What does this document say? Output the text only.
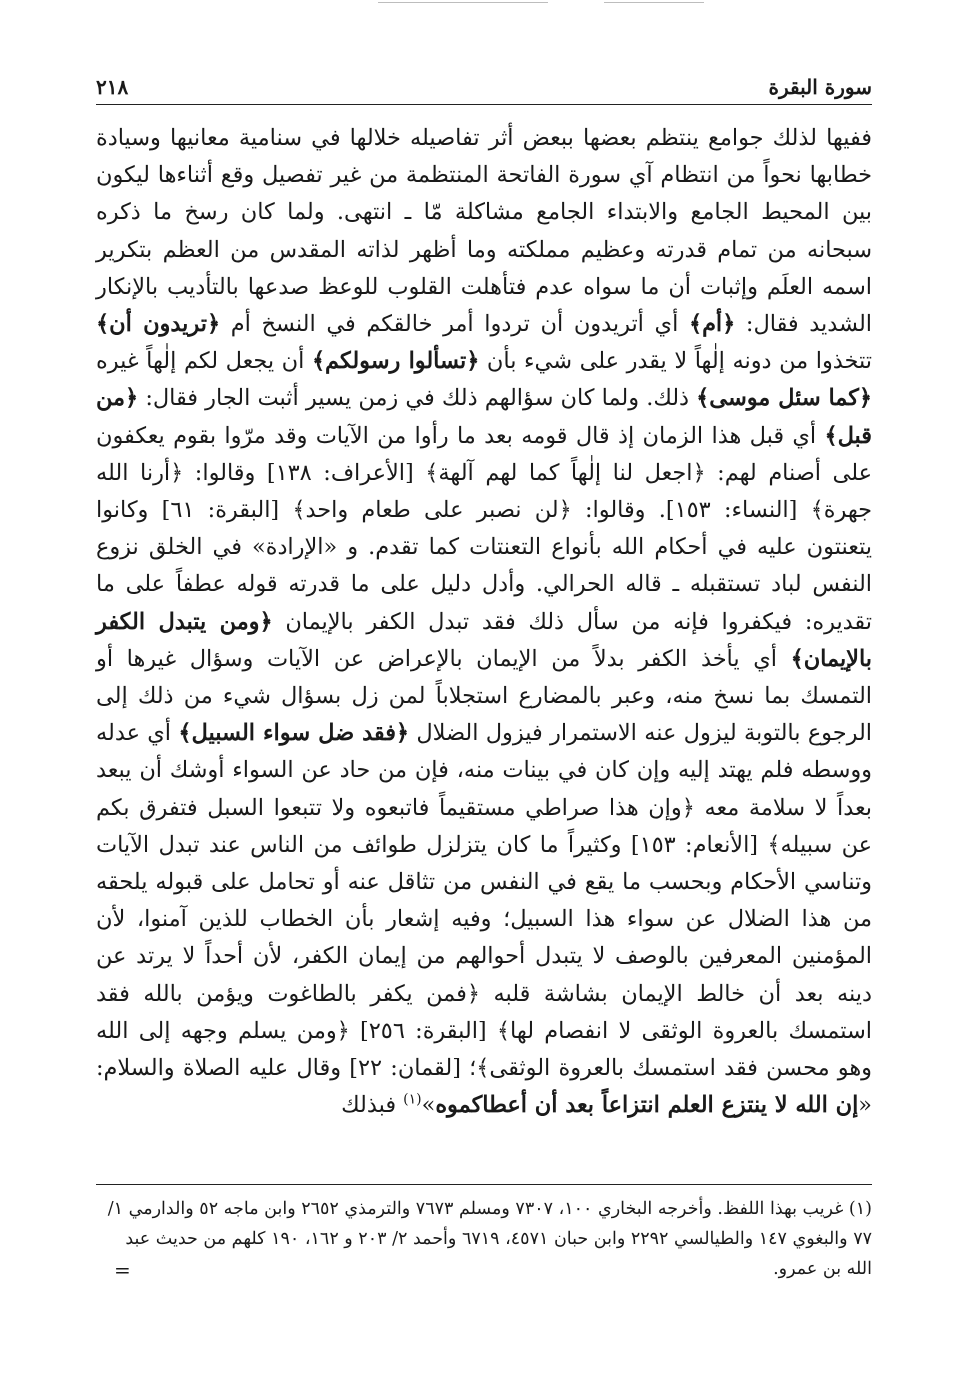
٢١٨	سورة البقرة

ففيها لذلك جوامع ينتظم بعضها ببعض أثر تفاصيله خلالها في سنامية معانيها وسيادة خطابها نحواً من انتظام آي سورة الفاتحة المنتظمة من غير تفصيل وقع أثناءها ليكون بين المحيط الجامع والابتداء الجامع مشاكلة مّا ـ انتهى. ولما كان رسخ ما ذكره سبحانه من تمام قدرته وعظيم مملكته وما أظهر لذاته المقدس من العظم بتكرير اسمه العلَم وإثبات أن ما سواه عدم فتأهلت القلوب للوعظ صدعها بالتأديب بالإنكار الشديد فقال: ﴿أم﴾ أي أتريدون أن تردوا أمر خالقكم في النسخ أم ﴿تريدون أن﴾ تتخذوا من دونه إلٰهاً لا يقدر على شيء بأن ﴿تسألوا رسولكم﴾ أن يجعل لكم إلٰهاً غيره ﴿كما سئل موسى﴾ ذلك. ولما كان سؤالهم ذلك في زمن يسير أثبت الجار فقال: ﴿من قبل﴾ أي قبل هذا الزمان إذ قال قومه بعد ما رأوا من الآيات وقد مرّوا بقوم يعكفون على أصنام لهم: ﴿اجعل لنا إلٰهاً كما لهم آلهة﴾ [الأعراف: ١٣٨] وقالوا: ﴿أرنا الله جهرة﴾ [النساء: ١٥٣]. وقالوا: ﴿لن نصبر على طعام واحد﴾ [البقرة: ٦١] وكانوا يتعنتون عليه في أحكام الله بأنواع التعنتات كما تقدم. و «الإرادة» في الخلق نزوع النفس لباد تستقبله ـ قاله الحرالي. وأدل دليل على ما قدرته قوله عطفاً على ما تقديره: فيكفروا فإنه من سأل ذلك فقد تبدل الكفر بالإيمان ﴿ومن يتبدل الكفر بالإيمان﴾ أي يأخذ الكفر بدلاً من الإيمان بالإعراض عن الآيات وسؤال غيرها أو التمسك بما نسخ منه، وعبر بالمضارع استجلاباً لمن زل بسؤال شيء من ذلك إلى الرجوع بالتوبة ليزول عنه الاستمرار فيزول الضلال ﴿فقد ضل سواء السبيل﴾ أي عدله ووسطه فلم يهتد إليه وإن كان في بينات منه، فإن من حاد عن السواء أوشك أن يبعد بعداً لا سلامة معه ﴿وإن هذا صراطي مستقيماً فاتبعوه ولا تتبعوا السبل فتفرق بكم عن سبيله﴾ [الأنعام: ١٥٣] وكثيراً ما كان يتزلزل طوائف من الناس عند تبدل الآيات وتناسي الأحكام وبحسب ما يقع في النفس من تثاقل عنه أو تحامل على قبوله يلحقه من هذا الضلال عن سواء هذا السبيل؛ وفيه إشعار بأن الخطاب للذين آمنوا، لأن المؤمنين المعرفين بالوصف لا يتبدل أحوالهم من إيمان الكفر، لأن أحداً لا يرتد عن دينه بعد أن خالط الإيمان بشاشة قلبه ﴿فمن يكفر بالطاغوت ويؤمن بالله فقد استمسك بالعروة الوثقى لا انفصام لها﴾ [البقرة: ٢٥٦] ﴿ومن يسلم وجهه إلى الله وهو محسن فقد استمسك بالعروة الوثقى﴾؛ [لقمان: ٢٢] وقال عليه الصلاة والسلام: «إن الله لا ينتزع العلم انتزاعاً بعد أن أعطاكموه»$^{(١)}$ فبذلك

(١) غريب بهذا اللفظ. وأخرجه البخاري ١٠٠، ٧٣٠٧ ومسلم ٧٦٧٣ والترمذي ٢٦٥٢ وابن ماجه ٥٢ والدارمي ١/ ٧٧ والبغوي ١٤٧ والطيالسي ٢٢٩٢ وابن حبان ٤٥٧١، ٦٧١٩ وأحمد ٢/ ٢٠٣ و ١٦٢، ١٩٠ كلهم من حديث عبد الله بن عمرو.

=
